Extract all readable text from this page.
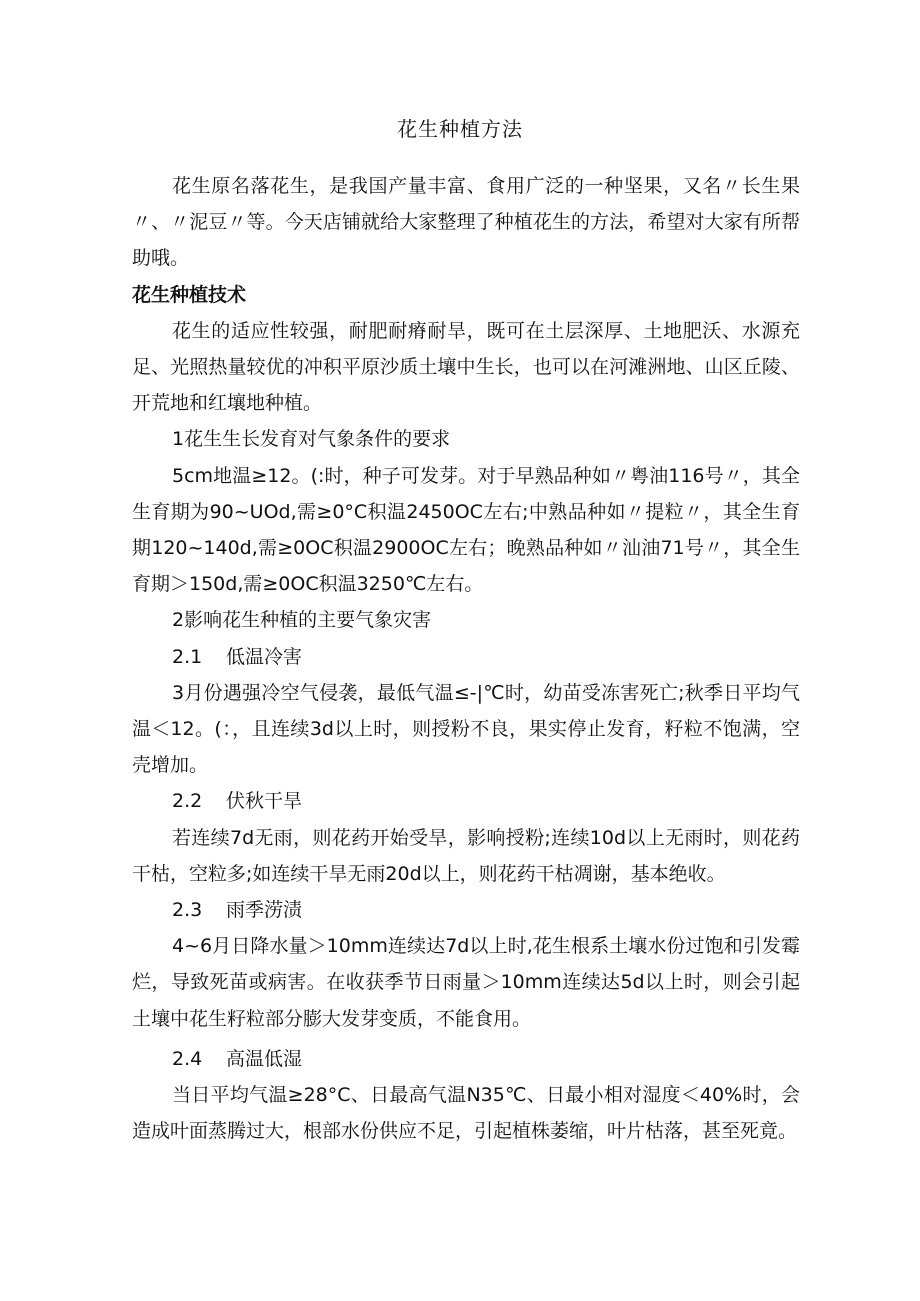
花生种植方法

花生原名落花生，是我国产量丰富、食用广泛的一种坚果，又名〃长生果〃、〃泥豆〃等。今天店铺就给大家整理了种植花生的方法，希望对大家有所帮助哦。

花生种植技术

花生的适应性较强，耐肥耐瘠耐旱，既可在土层深厚、土地肥沃、水源充足、光照热量较优的冲积平原沙质土壤中生长，也可以在河滩洲地、山区丘陵、开荒地和红壤地种植。

1花生生长发育对气象条件的要求

5cm地温≥12。(:时，种子可发芽。对于早熟品种如〃粤油116号〃，其全生育期为90~UOd,需≥0°C积温2450OC左右;中熟品种如〃提粒〃，其全生育期120~140d,需≥0OC积温2900OC左右；晚熟品种如〃汕油71号〃，其全生育期＞150d,需≥0OC积温3250℃左右。

2影响花生种植的主要气象灾害

2.1 低温冷害

3月份遇强冷空气侵袭，最低气温≤-|℃时，幼苗受冻害死亡;秋季日平均气温＜12。(：，且连续3d以上时，则授粉不良，果实停止发育，籽粒不饱满，空壳增加。

2.2 伏秋干旱

若连续7d无雨，则花药开始受旱，影响授粉;连续10d以上无雨时，则花药干枯，空粒多;如连续干旱无雨20d以上，则花药干枯凋谢，基本绝收。

2.3 雨季涝渍

4~6月日降水量＞10mm连续达7d以上时,花生根系土壤水份过饱和引发霉烂，导致死苗或病害。在收获季节日雨量＞10mm连续达5d以上时，则会引起土壤中花生籽粒部分膨大发芽变质，不能食用。

2.4 高温低湿

当日平均气温≥28°C、日最高气温N35℃、日最小相对湿度＜40%时，会造成叶面蒸腾过大，根部水份供应不足，引起植株萎缩，叶片枯落，甚至死竟。
